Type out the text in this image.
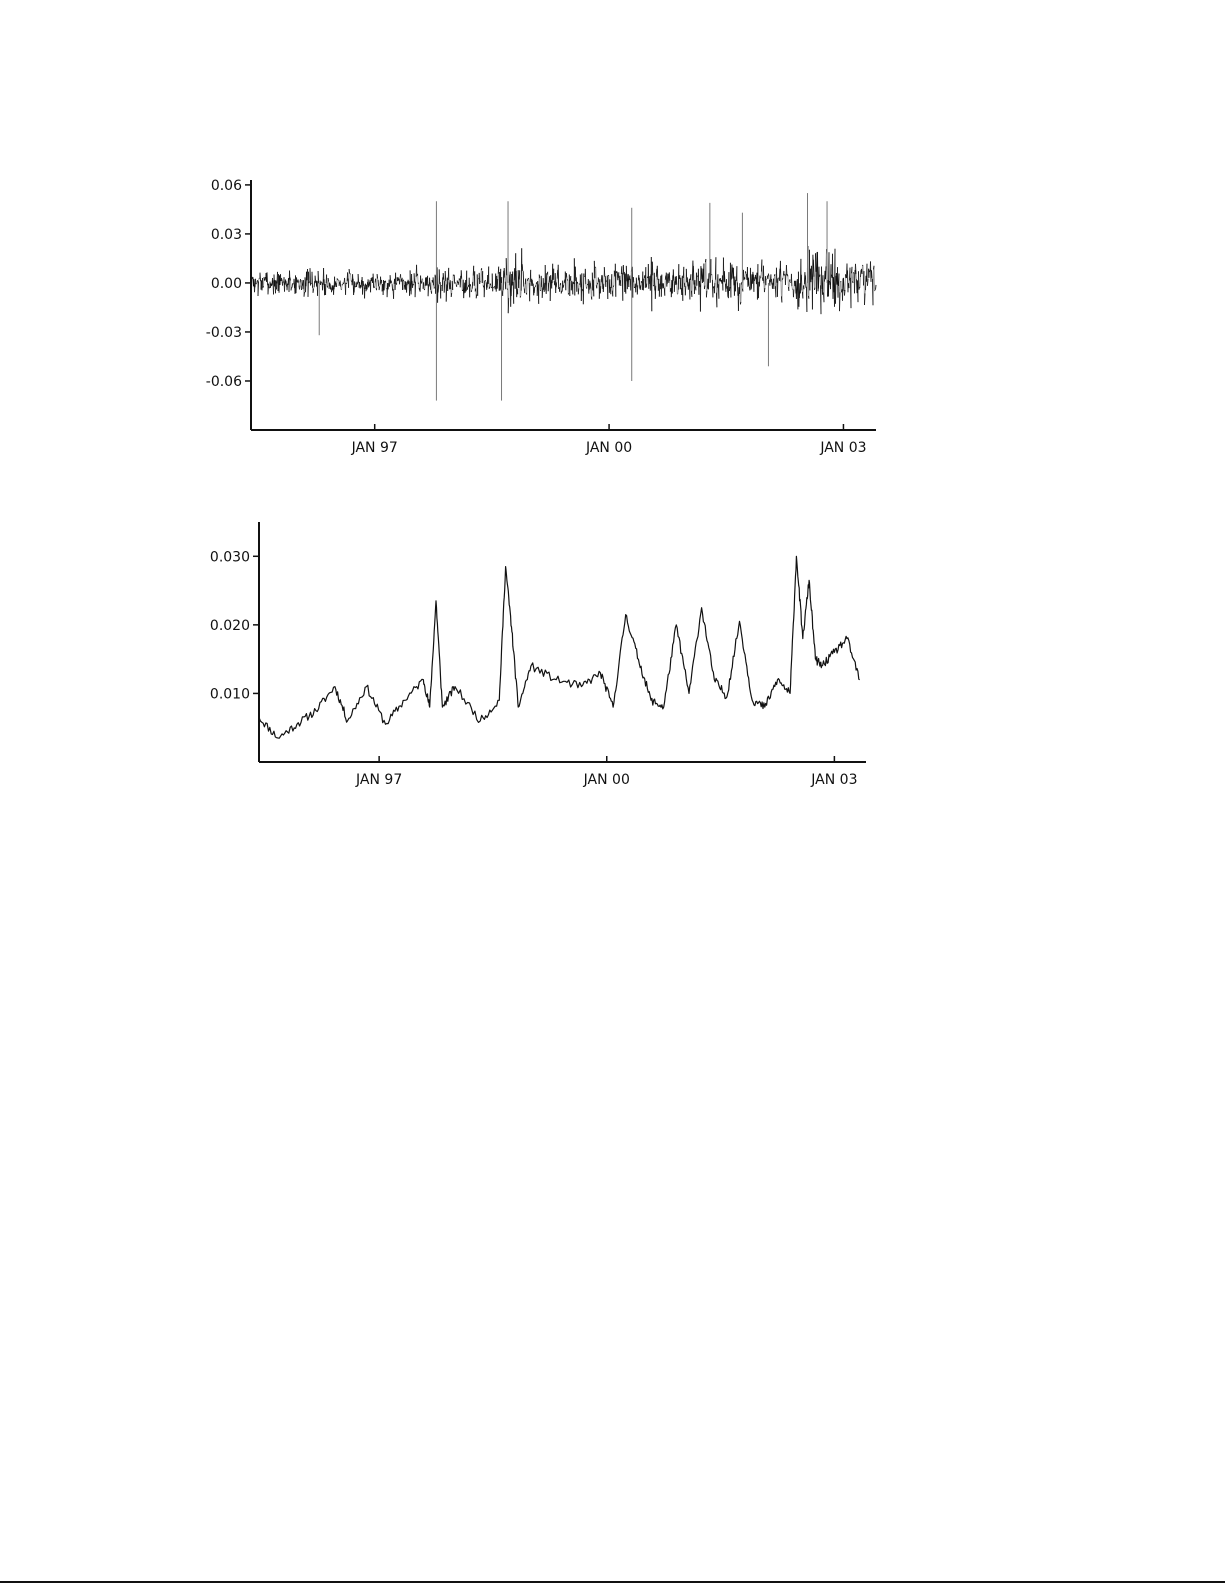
0.06
0.03
0.00
-0.03
-0.06
JAN 97	JAN 00	JAN 03
0.030
0.020
0.010
JAN 97	JAN 00	JAN 03
